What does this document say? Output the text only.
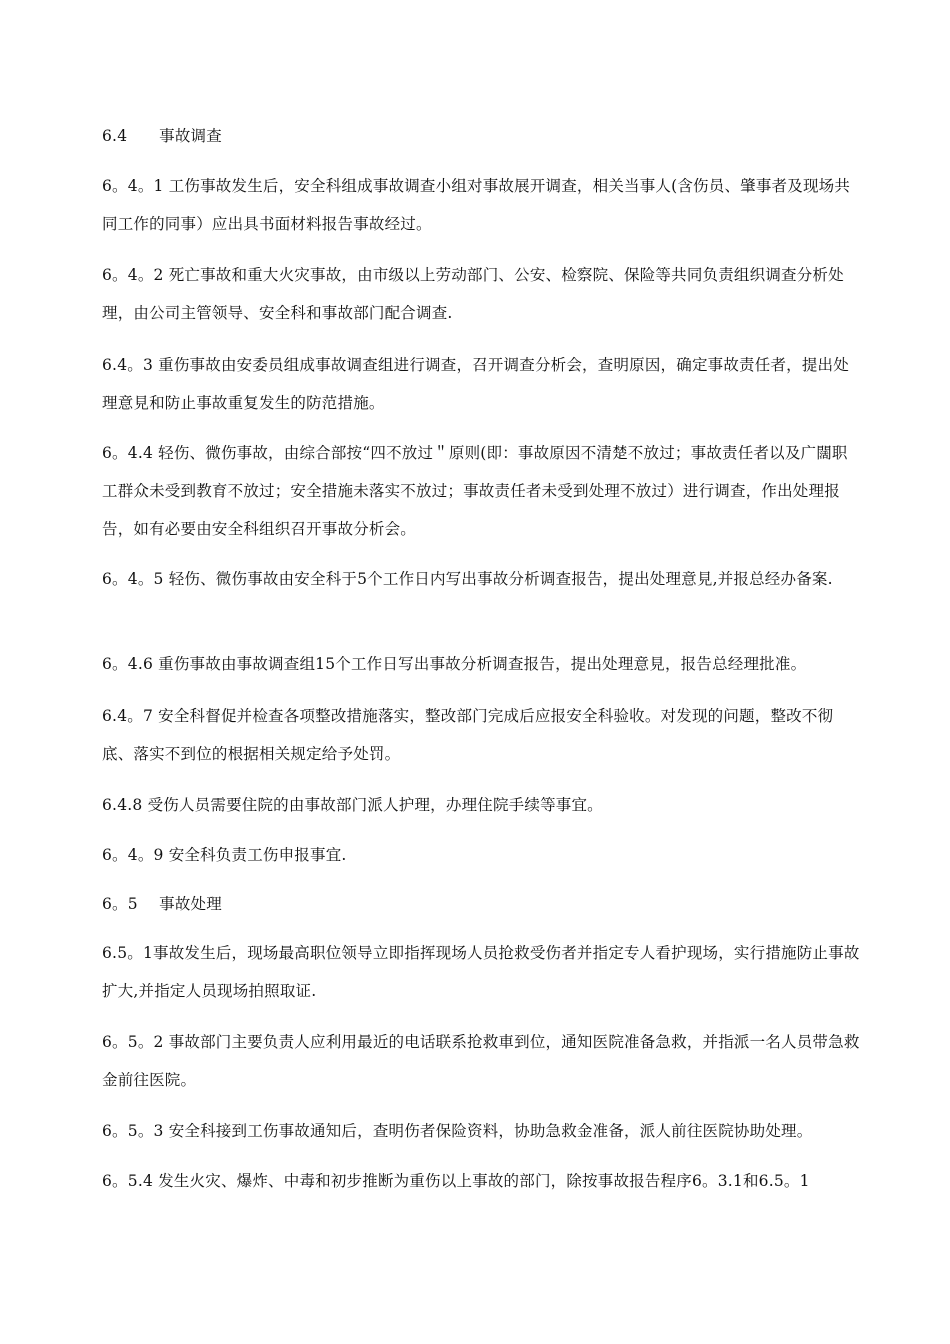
6.4 事故调查

6。4。1 工伤事故发生后，安全科组成事故调查小组对事故展开调查，相关当事人(含伤员、肇事者及现场共同工作的同事）应出具书面材料报告事故经过。

6。4。2 死亡事故和重大火灾事故，由市级以上劳动部门、公安、检察院、保险等共同负责组织调查分析处理，由公司主管领导、安全科和事故部门配合调查.

6.4。3 重伤事故由安委员组成事故调查组进行调查，召开调查分析会，查明原因，确定事故责任者，提出处理意見和防止事故重复发生的防范措施。

6。4.4 轻伤、微伤事故，由综合部按“四不放过＂原则(即：事故原因不清楚不放过；事故责任者以及广闊职工群众未受到教育不放过；安全措施未落实不放过；事故责任者未受到处理不放过）进行调查，作出处理报告，如有必要由安全科组织召开事故分析会。

6。4。5 轻伤、微伤事故由安全科于5个工作日内写出事故分析调查报告，提出处理意見,并报总经办备案.

6。4.6 重伤事故由事故调查组15个工作日写出事故分析调查报告，提出处理意見，报告总经理批准。

6.4。7 安全科督促并检查各项整改措施落实，整改部门完成后应报安全科验收。对发现的问题，整改不彻底、落实不到位的根据相关规定给予处罚。

6.4.8 受伤人员需要住院的由事故部门派人护理，办理住院手续等事宜。

6。4。9 安全科负责工伤申报事宜.

6。5 事故处理

6.5。1事故发生后，现场最高职位领导立即指挥现场人员抢救受伤者并指定专人看护现场，实行措施防止事故扩大,并指定人员现场拍照取证.

6。5。2 事故部门主要负责人应利用最近的电话联系抢救車到位，通知医院准备急救，并指派一名人员带急救金前往医院。

6。5。3 安全科接到工伤事故通知后，查明伤者保险资料，协助急救金准备，派人前往医院协助处理。

6。5.4 发生火灾、爆炸、中毒和初步推断为重伤以上事故的部门，除按事故报告程序6。3.1和6.5。1
